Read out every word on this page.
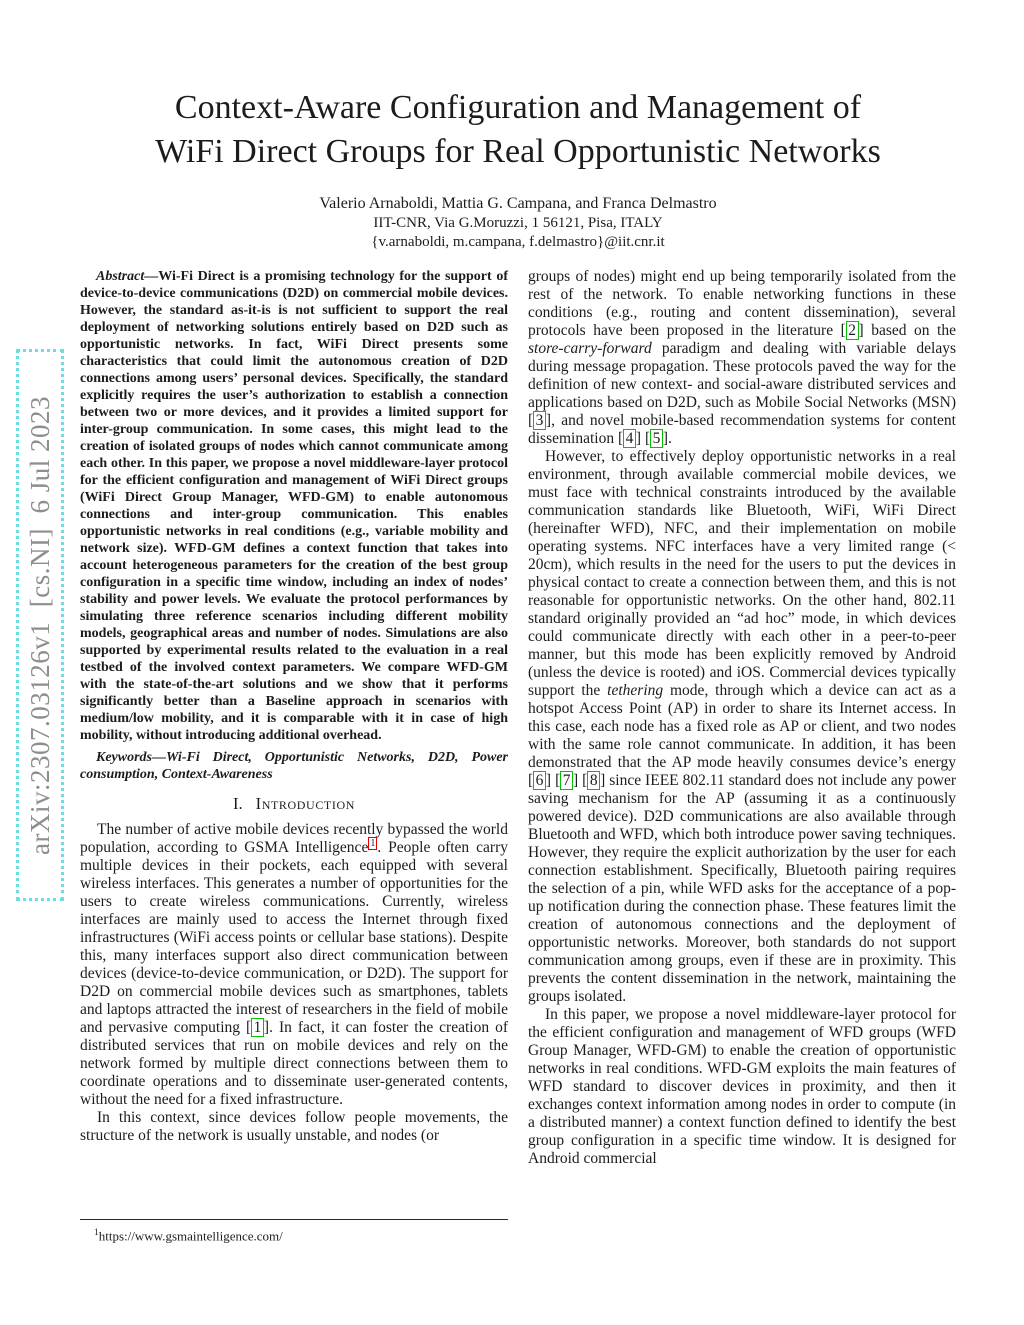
arXiv:2307.03126v1  [cs.NI]  6 Jul 2023
Context-Aware Configuration and Management of
WiFi Direct Groups for Real Opportunistic Networks
Valerio Arnaboldi, Mattia G. Campana, and Franca Delmastro
IIT-CNR, Via G.Moruzzi, 1 56121, Pisa, ITALY
{v.arnaboldi, m.campana, f.delmastro}@iit.cnr.it

Abstract—Wi-Fi Direct is a promising technology for the support of device-to-device communications (D2D) on commercial mobile devices. However, the standard as-it-is is not sufficient to support the real deployment of networking solutions entirely based on D2D such as opportunistic networks. In fact, WiFi Direct presents some characteristics that could limit the autonomous creation of D2D connections among users’ personal devices. Specifically, the standard explicitly requires the user’s authorization to establish a connection between two or more devices, and it provides a limited support for inter-group communication. In some cases, this might lead to the creation of isolated groups of nodes which cannot communicate among each other. In this paper, we propose a novel middleware-layer protocol for the efficient configuration and management of WiFi Direct groups (WiFi Direct Group Manager, WFD-GM) to enable autonomous connections and inter-group communication. This enables opportunistic networks in real conditions (e.g., variable mobility and network size). WFD-GM defines a context function that takes into account heterogeneous parameters for the creation of the best group configuration in a specific time window, including an index of nodes’ stability and power levels. We evaluate the protocol performances by simulating three reference scenarios including different mobility models, geographical areas and number of nodes. Simulations are also supported by experimental results related to the evaluation in a real testbed of the involved context parameters. We compare WFD-GM with the state-of-the-art solutions and we show that it performs significantly better than a Baseline approach in scenarios with medium/low mobility, and it is comparable with it in case of high mobility, without introducing additional overhead.

Keywords—Wi-Fi Direct, Opportunistic Networks, D2D, Power consumption, Context-Awareness

I. Introduction

The number of active mobile devices recently bypassed the world population, according to GSMA Intelligence $^1$ . People often carry multiple devices in their pockets, each equipped with several wireless interfaces. This generates a number of opportunities for the users to create wireless communications. Currently, wireless interfaces are mainly used to access the Internet through fixed infrastructures (WiFi access points or cellular base stations). Despite this, many interfaces support also direct communication between devices (device-to-device communication, or D2D). The support for D2D on commercial mobile devices such as smartphones, tablets and laptops attracted the interest of researchers in the field of mobile and pervasive computing [ 1 ]. In fact, it can foster the creation of distributed services that run on mobile devices and rely on the network formed by multiple direct connections between them to coordinate operations and to disseminate user-generated contents, without the need for a fixed infrastructure.

In this context, since devices follow people movements, the structure of the network is usually unstable, and nodes (or

$^1$https://www.gsmaintelligence.com/

groups of nodes) might end up being temporarily isolated from the rest of the network. To enable networking functions in these conditions (e.g., routing and content dissemination), several protocols have been proposed in the literature [ 2 ] based on the store-carry-forward paradigm and dealing with variable delays during message propagation. These protocols paved the way for the definition of new context- and social-aware distributed services and applications based on D2D, such as Mobile Social Networks (MSN) [ 3 ], and novel mobile-based recommendation systems for content dissemination [ 4 ] [ 5 ].

However, to effectively deploy opportunistic networks in a real environment, through available commercial mobile devices, we must face with technical constraints introduced by the available communication standards like Bluetooth, WiFi, WiFi Direct (hereinafter WFD), NFC, and their implementation on mobile operating systems. NFC interfaces have a very limited range (< 20cm), which results in the need for the users to put the devices in physical contact to create a connection between them, and this is not reasonable for opportunistic networks. On the other hand, 802.11 standard originally provided an “ad hoc” mode, in which devices could communicate directly with each other in a peer-to-peer manner, but this mode has been explicitly removed by Android (unless the device is rooted) and iOS. Commercial devices typically support the tethering mode, through which a device can act as a hotspot Access Point (AP) in order to share its Internet access. In this case, each node has a fixed role as AP or client, and two nodes with the same role cannot communicate. In addition, it has been demonstrated that the AP mode heavily consumes device’s energy [ 6 ] [ 7 ] [ 8 ] since IEEE 802.11 standard does not include any power saving mechanism for the AP (assuming it as a continuously powered device). D2D communications are also available through Bluetooth and WFD, which both introduce power saving techniques. However, they require the explicit authorization by the user for each connection establishment. Specifically, Bluetooth pairing requires the selection of a pin, while WFD asks for the acceptance of a pop-up notification during the connection phase. These features limit the creation of autonomous connections and the deployment of opportunistic networks. Moreover, both standards do not support communication among groups, even if these are in proximity. This prevents the content dissemination in the network, maintaining the groups isolated.

In this paper, we propose a novel middleware-layer protocol for the efficient configuration and management of WFD groups (WFD Group Manager, WFD-GM) to enable the creation of opportunistic networks in real conditions. WFD-GM exploits the main features of WFD standard to discover devices in proximity, and then it exchanges context information among nodes in order to compute (in a distributed manner) a context function defined to identify the best group configuration in a specific time window. It is designed for Android commercial
